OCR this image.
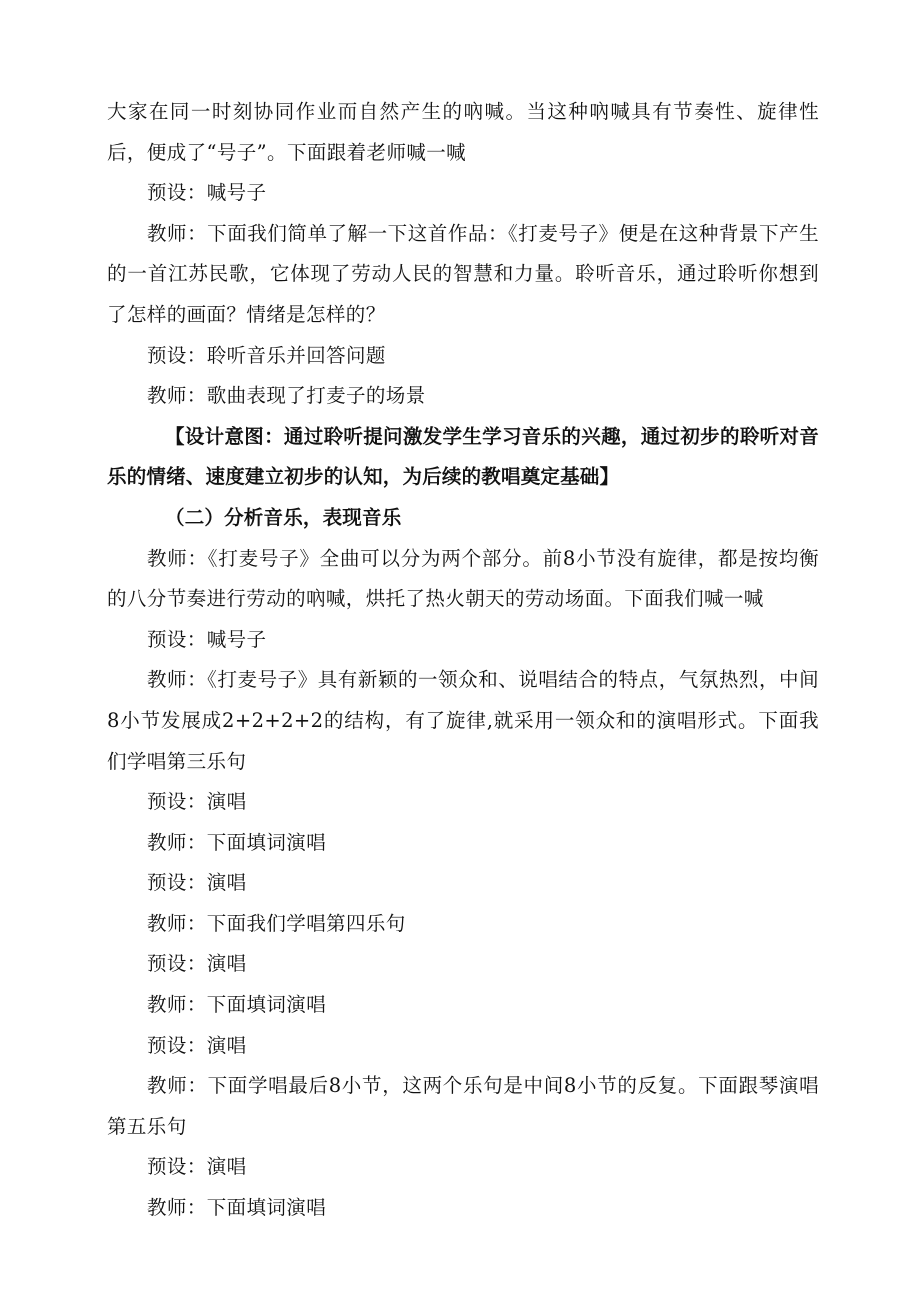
大家在同一时刻协同作业而自然产生的吶喊。当这种吶喊具有节奏性、旋律性后，便成了“号子”。下面跟着老师喊一喊

预设：喊号子

教师：下面我们简单了解一下这首作品：《打麦号子》便是在这种背景下产生的一首江苏民歌，它体现了劳动人民的智慧和力量。聆听音乐，通过聆听你想到了怎样的画面？情绪是怎样的？

预设：聆听音乐并回答问题

教师：歌曲表现了打麦子的场景

【设计意图：通过聆听提问激发学生学习音乐的兴趣，通过初步的聆听对音乐的情绪、速度建立初步的认知，为后续的教唱奠定基础】

（二）分析音乐，表现音乐

教师：《打麦号子》全曲可以分为两个部分。前8小节没有旋律，都是按均衡的八分节奏进行劳动的吶喊，烘托了热火朝天的劳动场面。下面我们喊一喊

预设：喊号子

教师：《打麦号子》具有新颖的一领众和、说唱结合的特点，气氛热烈，中间8小节发展成2+2+2+2的结构，有了旋律,就采用一领众和的演唱形式。下面我们学唱第三乐句

预设：演唱

教师：下面填词演唱

预设：演唱

教师：下面我们学唱第四乐句

预设：演唱

教师：下面填词演唱

预设：演唱

教师：下面学唱最后8小节，这两个乐句是中间8小节的反复。下面跟琴演唱第五乐句

预设：演唱

教师：下面填词演唱
